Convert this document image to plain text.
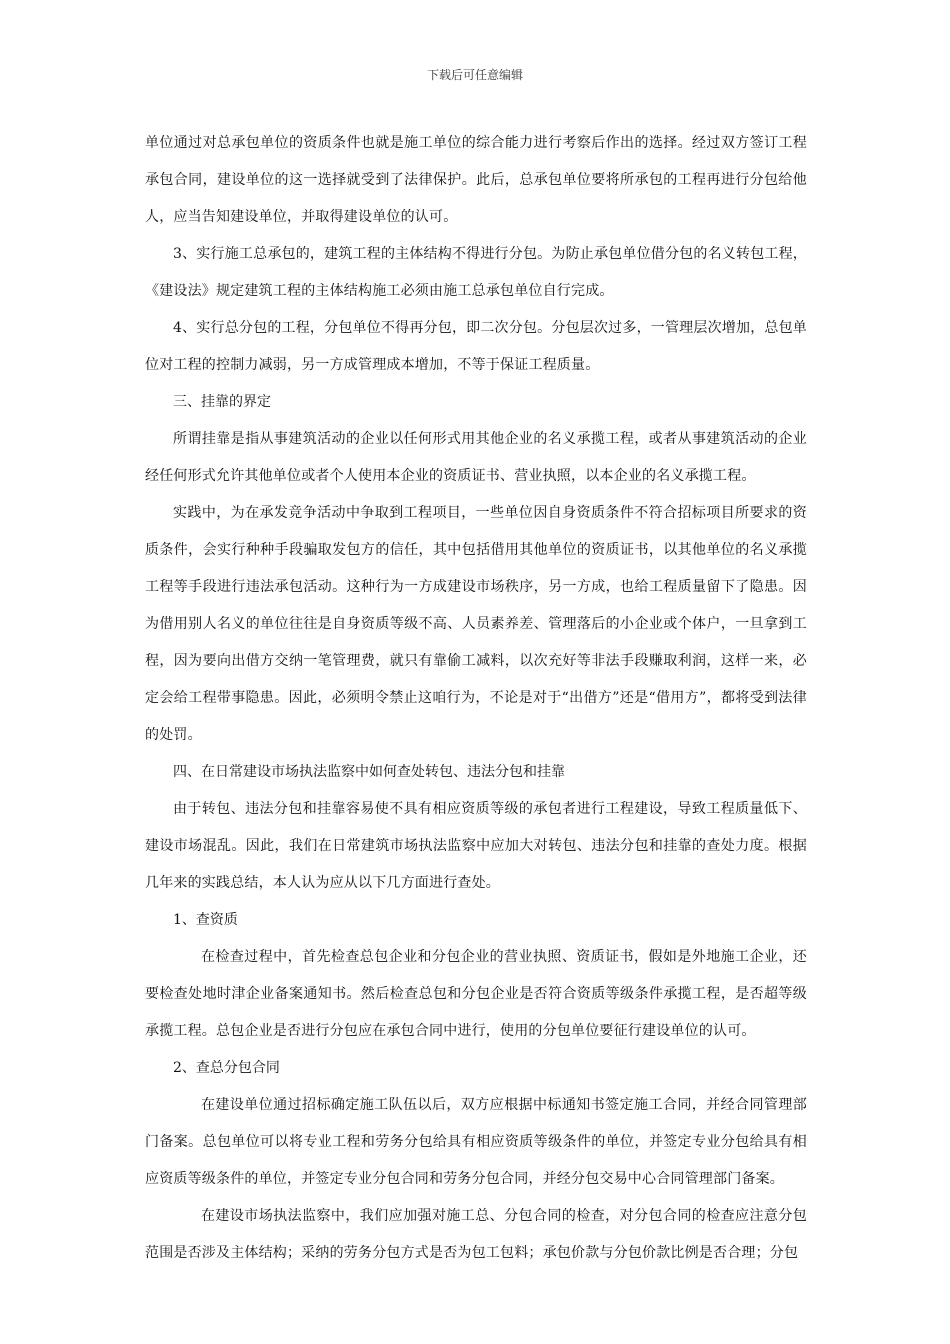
下载后可任意编辑

单位通过对总承包单位的资质条件也就是施工单位的综合能力进行考察后作出的选择。经过双方签订工程承包合同，建设单位的这一选择就受到了法律保护。此后，总承包单位要将所承包的工程再进行分包给他人，应当告知建设单位，并取得建设单位的认可。

3、实行施工总承包的，建筑工程的主体结构不得进行分包。为防止承包单位借分包的名义转包工程，《建设法》规定建筑工程的主体结构施工必须由施工总承包单位自行完成。

4、实行总分包的工程，分包单位不得再分包，即二次分包。分包层次过多，一管理层次增加，总包单位对工程的控制力减弱，另一方成管理成本增加，不等于保证工程质量。

三、挂靠的界定

所谓挂靠是指从事建筑活动的企业以任何形式用其他企业的名义承揽工程，或者从事建筑活动的企业经任何形式允许其他单位或者个人使用本企业的资质证书、营业执照，以本企业的名义承揽工程。

实践中，为在承发竞争活动中争取到工程项目，一些单位因自身资质条件不符合招标项目所要求的资质条件，会实行种种手段骗取发包方的信任，其中包括借用其他单位的资质证书，以其他单位的名义承揽工程等手段进行违法承包活动。这种行为一方成建设市场秩序，另一方成，也给工程质量留下了隐患。因为借用别人名义的单位往往是自身资质等级不高、人员素养差、管理落后的小企业或个体户，一旦拿到工程，因为要向出借方交纳一笔管理费，就只有靠偷工减料，以次充好等非法手段赚取利润，这样一来，必定会给工程带事隐患。因此，必须明令禁止这咱行为，不论是对于“出借方”还是“借用方”，都将受到法律的处罚。

四、在日常建设市场执法监察中如何查处转包、违法分包和挂靠

由于转包、违法分包和挂靠容易使不具有相应资质等级的承包者进行工程建设，导致工程质量低下、建设市场混乱。因此，我们在日常建筑市场执法监察中应加大对转包、违法分包和挂靠的查处力度。根据几年来的实践总结，本人认为应从以下几方面进行查处。

1、查资质

在检查过程中，首先检查总包企业和分包企业的营业执照、资质证书，假如是外地施工企业，还要检查处地时津企业备案通知书。然后检查总包和分包企业是否符合资质等级条件承揽工程，是否超等级承揽工程。总包企业是否进行分包应在承包合同中进行，使用的分包单位要征行建设单位的认可。

2、查总分包合同

在建设单位通过招标确定施工队伍以后，双方应根据中标通知书签定施工合同，并经合同管理部门备案。总包单位可以将专业工程和劳务分包给具有相应资质等级条件的单位，并签定专业分包给具有相应资质等级条件的单位，并签定专业分包合同和劳务分包合同，并经分包交易中心合同管理部门备案。

在建设市场执法监察中，我们应加强对施工总、分包合同的检查，对分包合同的检查应注意分包范围是否涉及主体结构；采纳的劳务分包方式是否为包工包料；承包价款与分包价款比例是否合理；分包
